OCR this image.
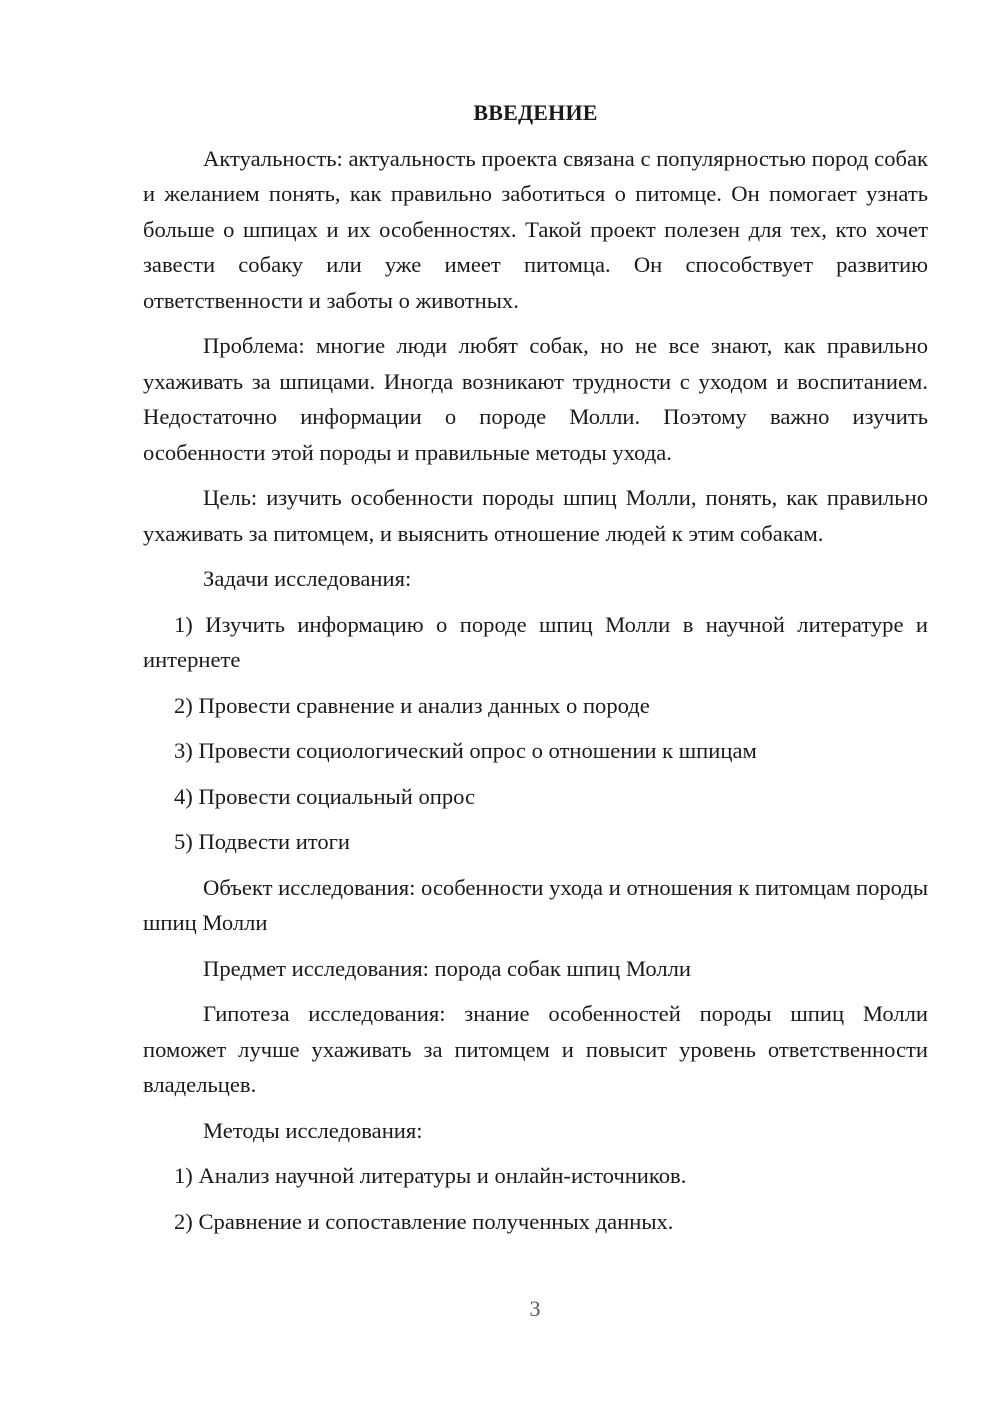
ВВЕДЕНИЕ
Актуальность: актуальность проекта связана с популярностью пород собак и желанием понять, как правильно заботиться о питомце. Он помогает узнать больше о шпицах и их особенностях. Такой проект полезен для тех, кто хочет завести собаку или уже имеет питомца. Он способствует развитию ответственности и заботы о животных.
Проблема: многие люди любят собак, но не все знают, как правильно ухаживать за шпицами. Иногда возникают трудности с уходом и воспитанием. Недостаточно информации о породе Молли. Поэтому важно изучить особенности этой породы и правильные методы ухода.
Цель: изучить особенности породы шпиц Молли, понять, как правильно ухаживать за питомцем, и выяснить отношение людей к этим собакам.
Задачи исследования:
1) Изучить информацию о породе шпиц Молли в научной литературе и интернете
2) Провести сравнение и анализ данных о породе
3) Провести социологический опрос о отношении к шпицам
4) Провести социальный опрос
5) Подвести итоги
Объект исследования: особенности ухода и отношения к питомцам породы шпиц Молли
Предмет исследования: порода собак шпиц Молли
Гипотеза исследования: знание особенностей породы шпиц Молли поможет лучше ухаживать за питомцем и повысит уровень ответственности владельцев.
Методы исследования:
1) Анализ научной литературы и онлайн-источников.
2) Сравнение и сопоставление полученных данных.
3
